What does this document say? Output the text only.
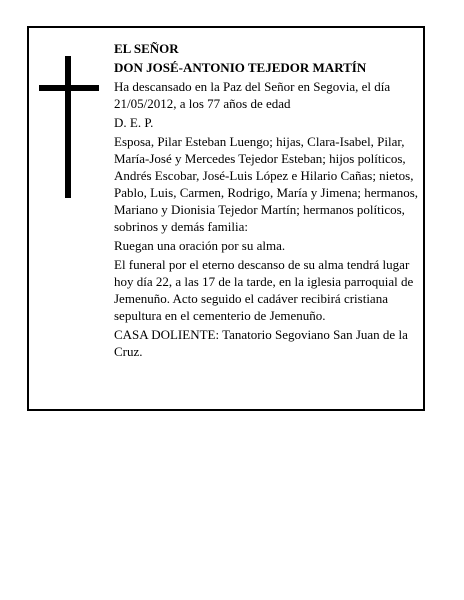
EL SEÑOR

DON JOSÉ-ANTONIO TEJEDOR MARTÍN

Ha descansado en la Paz del Señor en Segovia, el día 21/05/2012, a los 77 años de edad

D. E. P.

Esposa, Pilar Esteban Luengo; hijas, Clara-Isabel, Pilar, María-José y Mercedes Tejedor Esteban; hijos políticos, Andrés Escobar, José-Luis López e Hilario Cañas; nietos, Pablo, Luis, Carmen, Rodrigo, María y Jimena; hermanos, Mariano y Dionisia Tejedor Martín; hermanos políticos, sobrinos y demás familia:

Ruegan una oración por su alma.

El funeral por el eterno descanso de su alma tendrá lugar hoy día 22, a las 17 de la tarde, en la iglesia parroquial de Jemenuño. Acto seguido el cadáver recibirá cristiana sepultura en el cementerio de Jemenuño.

CASA DOLIENTE: Tanatorio Segoviano San Juan de la Cruz.
